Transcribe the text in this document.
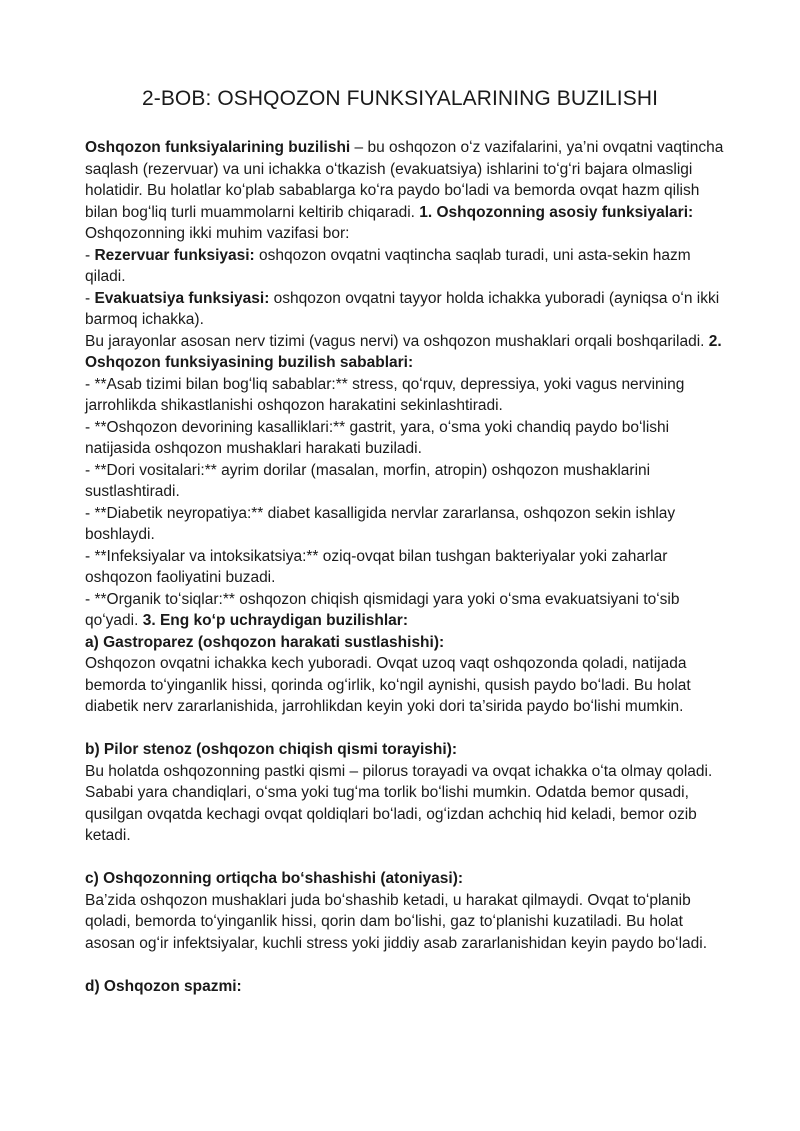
2-BOB: OSHQOZON FUNKSIYALARINING BUZILISHI

Oshqozon funksiyalarining buzilishi – bu oshqozon oʻz vazifalarini, ya’ni ovqatni vaqtincha saqlash (rezervuar) va uni ichakka oʻtkazish (evakuatsiya) ishlarini toʻgʻri bajara olmasligi holatidir. Bu holatlar koʻplab sabablarga koʻra paydo boʻladi va bemorda ovqat hazm qilish bilan bogʻliq turli muammolarni keltirib chiqaradi. 1. Oshqozonning asosiy funksiyalari:

Oshqozonning ikki muhim vazifasi bor:

- Rezervuar funksiyasi: oshqozon ovqatni vaqtincha saqlab turadi, uni asta-sekin hazm qiladi.

- Evakuatsiya funksiyasi: oshqozon ovqatni tayyor holda ichakka yuboradi (ayniqsa oʻn ikki barmoq ichakka).

Bu jarayonlar asosan nerv tizimi (vagus nervi) va oshqozon mushaklari orqali boshqariladi. 2. Oshqozon funksiyasining buzilish sabablari:

- **Asab tizimi bilan bogʻliq sabablar:** stress, qoʻrquv, depressiya, yoki vagus nervining jarrohlikda shikastlanishi oshqozon harakatini sekinlashtiradi.

- **Oshqozon devorining kasalliklari:** gastrit, yara, oʻsma yoki chandiq paydo boʻlishi natijasida oshqozon mushaklari harakati buziladi.

- **Dori vositalari:** ayrim dorilar (masalan, morfin, atropin) oshqozon mushaklarini sustlashtiradi.

- **Diabetik neyropatiya:** diabet kasalligida nervlar zararlansa, oshqozon sekin ishlay boshlaydi.

- **Infeksiyalar va intoksikatsiya:** oziq-ovqat bilan tushgan bakteriyalar yoki zaharlar oshqozon faoliyatini buzadi.

- **Organik toʻsiqlar:** oshqozon chiqish qismidagi yara yoki oʻsma evakuatsiyani toʻsib qoʻyadi. 3. Eng koʻp uchraydigan buzilishlar:

a) Gastroparez (oshqozon harakati sustlashishi):

Oshqozon ovqatni ichakka kech yuboradi. Ovqat uzoq vaqt oshqozonda qoladi, natijada bemorda toʻyinganlik hissi, qorinda ogʻirlik, koʻngil aynishi, qusish paydo boʻladi. Bu holat diabetik nerv zararlanishida, jarrohlikdan keyin yoki dori ta’sirida paydo boʻlishi mumkin.

b) Pilor stenoz (oshqozon chiqish qismi torayishi):

Bu holatda oshqozonning pastki qismi – pilorus torayadi va ovqat ichakka oʻta olmay qoladi. Sababi yara chandiqlari, oʻsma yoki tugʻma torlik boʻlishi mumkin. Odatda bemor qusadi, qusilgan ovqatda kechagi ovqat qoldiqlari boʻladi, ogʻizdan achchiq hid keladi, bemor ozib ketadi.

c) Oshqozonning ortiqcha boʻshashishi (atoniyasi):

Ba’zida oshqozon mushaklari juda boʻshashib ketadi, u harakat qilmaydi. Ovqat toʻplanib qoladi, bemorda toʻyinganlik hissi, qorin dam boʻlishi, gaz toʻplanishi kuzatiladi. Bu holat asosan ogʻir infektsiyalar, kuchli stress yoki jiddiy asab zararlanishidan keyin paydo boʻladi.

d) Oshqozon spazmi:
